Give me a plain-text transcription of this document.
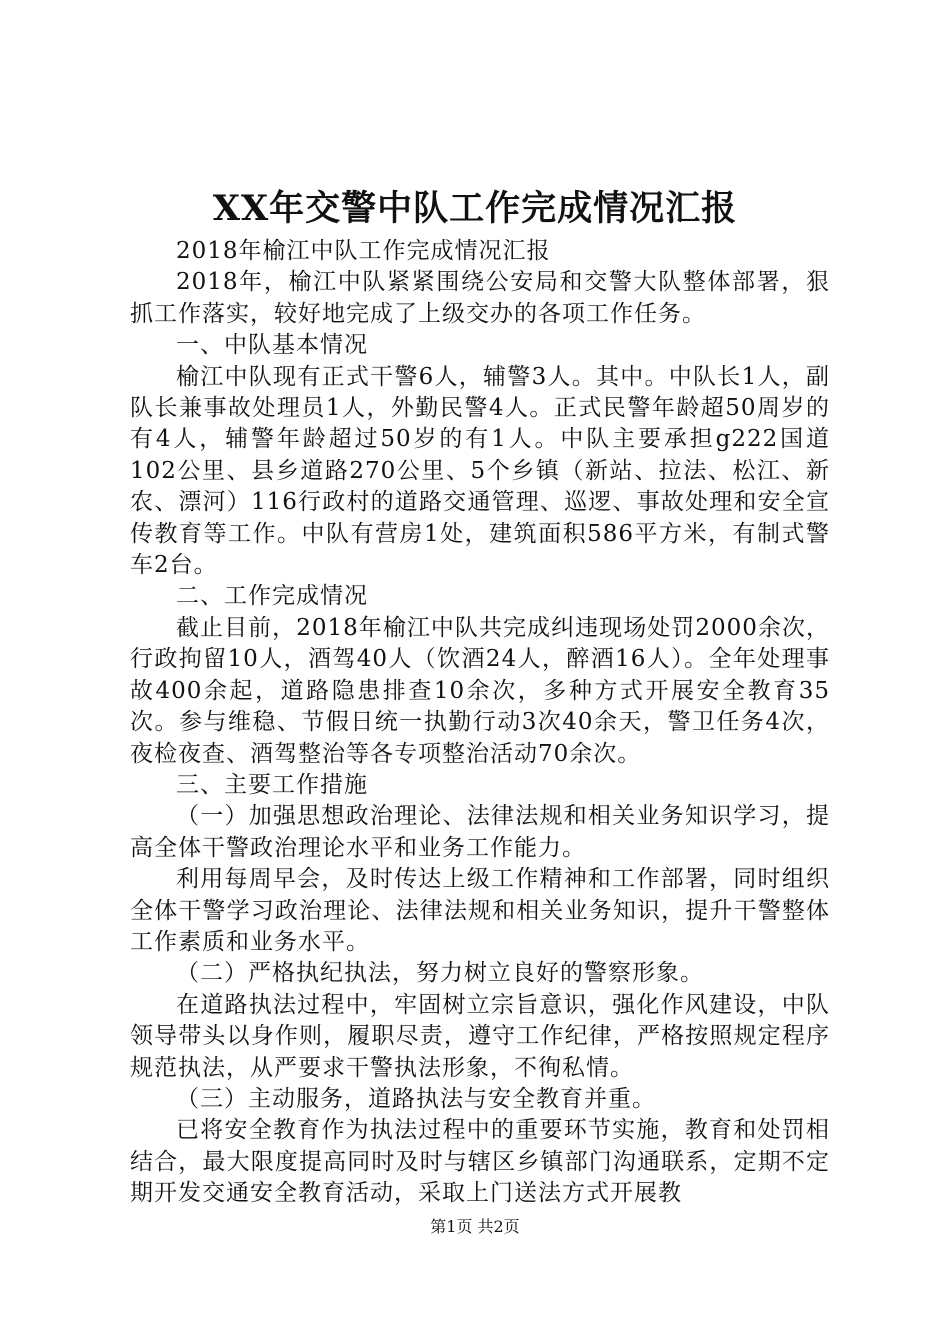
XX年交警中队工作完成情况汇报

2018年榆江中队工作完成情况汇报

2018年，榆江中队紧紧围绕公安局和交警大队整体部署，狠抓工作落实，较好地完成了上级交办的各项工作任务。

一、中队基本情况

榆江中队现有正式干警6人，辅警3人。其中。中队长1人，副队长兼事故处理员1人，外勤民警4人。正式民警年龄超50周岁的有4人，辅警年龄超过50岁的有1人。中队主要承担g222国道102公里、县乡道路270公里、5个乡镇（新站、拉法、松江、新农、漂河）116行政村的道路交通管理、巡逻、事故处理和安全宣传教育等工作。中队有营房1处，建筑面积586平方米，有制式警车2台。

二、工作完成情况

截止目前，2018年榆江中队共完成纠违现场处罚2000余次，行政拘留10人，酒驾40人（饮酒24人，醉酒16人）。全年处理事故400余起，道路隐患排查10余次，多种方式开展安全教育35次。参与维稳、节假日统一执勤行动3次40余天，警卫任务4次，夜检夜查、酒驾整治等各专项整治活动70余次。

三、主要工作措施

（一）加强思想政治理论、法律法规和相关业务知识学习，提高全体干警政治理论水平和业务工作能力。

利用每周早会，及时传达上级工作精神和工作部署，同时组织全体干警学习政治理论、法律法规和相关业务知识，提升干警整体工作素质和业务水平。

（二）严格执纪执法，努力树立良好的警察形象。

在道路执法过程中，牢固树立宗旨意识，强化作风建设，中队领导带头以身作则，履职尽责，遵守工作纪律，严格按照规定程序规范执法，从严要求干警执法形象，不徇私情。

（三）主动服务，道路执法与安全教育并重。

已将安全教育作为执法过程中的重要环节实施，教育和处罚相结合，最大限度提高同时及时与辖区乡镇部门沟通联系，定期不定期开发交通安全教育活动，采取上门送法方式开展教

第1页 共2页
